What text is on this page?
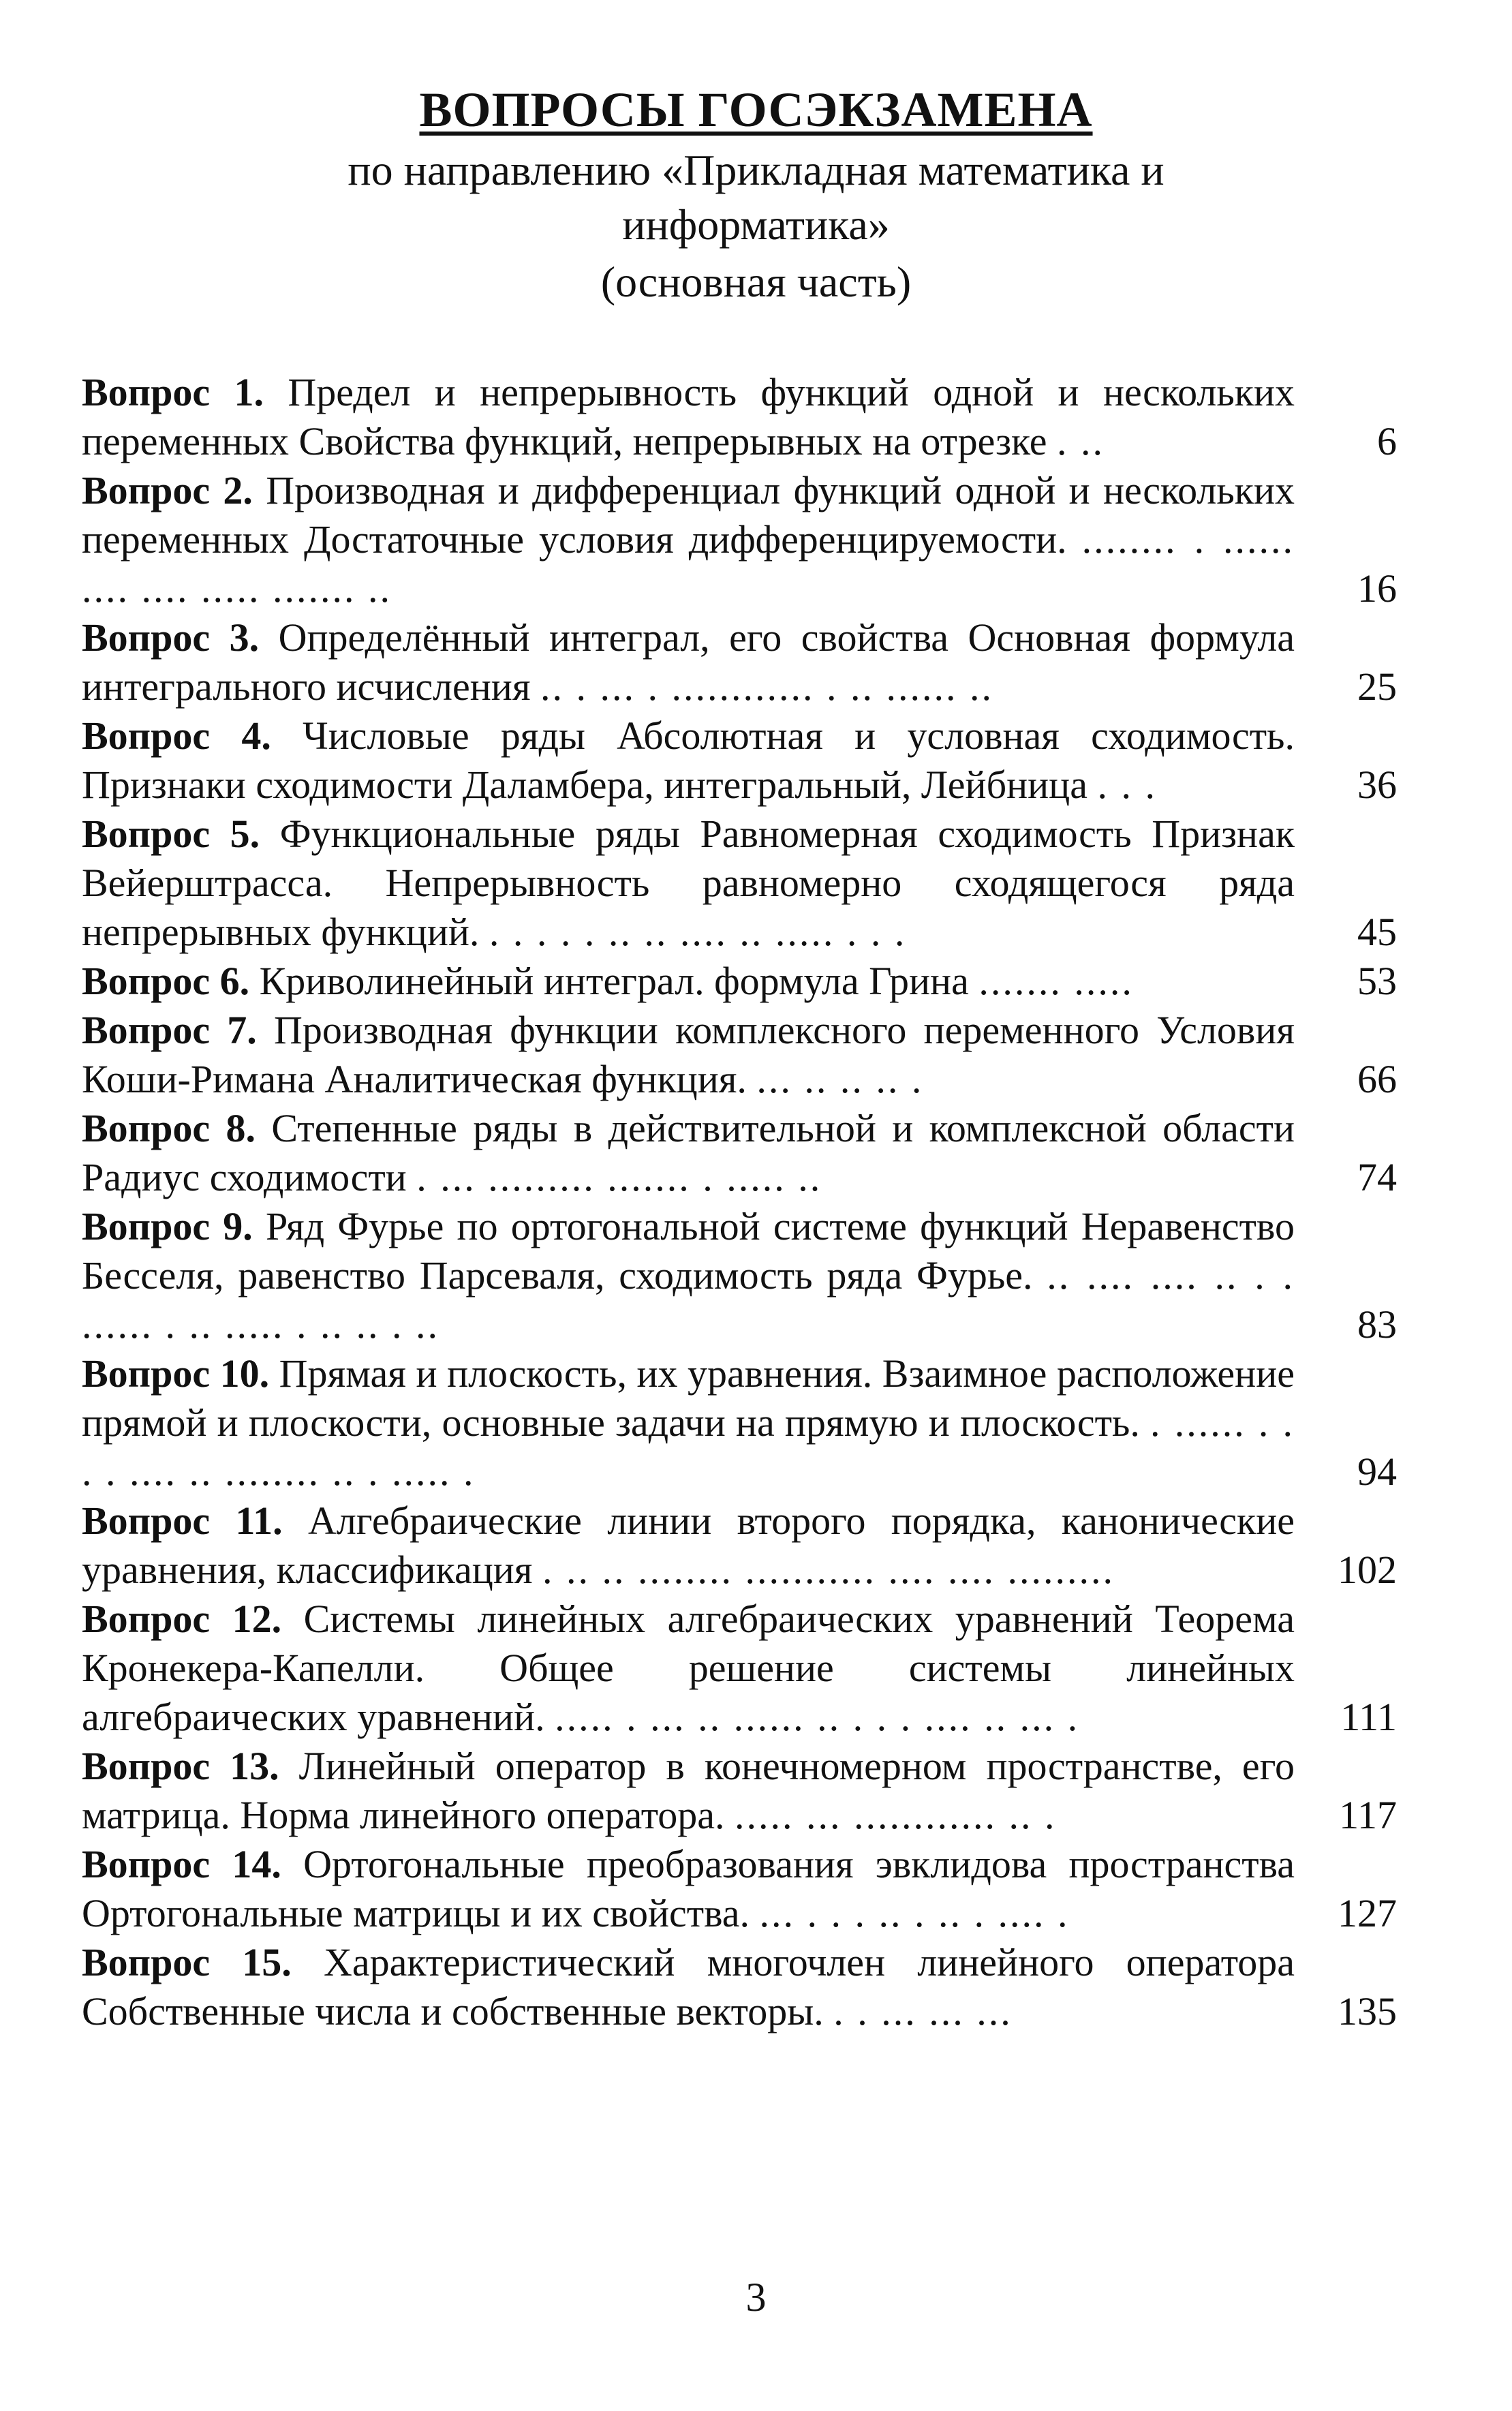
ВОПРОСЫ ГОСЭКЗАМЕНА
по направлению «Прикладная математика и информатика»
(основная часть)
Вопрос 1. Предел и непрерывность функций одной и нескольких переменных Свойства функций, непрерывных на отрезке . ..	6
Вопрос 2. Производная и дифференциал функций одной и нескольких переменных Достаточные условия дифференцируемости. ........ . ...... .... .... ..... ....... ..	16
Вопрос 3. Определённый интеграл, его свойства Основная формула интегрального исчисления .. . ... . ............ . .. ...... ..	25
Вопрос 4. Числовые ряды Абсолютная и условная сходимость. Признаки сходимости Даламбера, интегральный, Лейбница . . .	36
Вопрос 5. Функциональные ряды Равномерная сходимость Признак Вейерштрасса. Непрерывность равномерно сходящегося ряда непрерывных функций. . . . . . .. .. .... .. ..... . . .	45
Вопрос 6. Криволинейный интеграл. формула Грина ....... .....	53
Вопрос 7. Производная функции комплексного переменного Условия Коши-Римана Аналитическая функция. ... .. .. .. .	66
Вопрос 8. Степенные ряды в действительной и комплексной области Радиус сходимости . ... ......... ....... . ..... ..	74
Вопрос 9. Ряд Фурье по ортогональной системе функций Неравенство Бесселя, равенство Парсеваля, сходимость ряда Фурье. .. .... .... .. . . ...... . .. ..... . .. .. . ..	83
Вопрос 10. Прямая и плоскость, их уравнения. Взаимное расположение прямой и плоскости, основные задачи на прямую и плоскость. . ...... . . . . .... .. ........ .. . ..... .	94
Вопрос 11. Алгебраические линии второго порядка, канонические уравнения, классификация . .. .. ........ ........... .... .... .........	102
Вопрос 12. Системы линейных алгебраических уравнений Теорема Кронекера-Капелли. Общее решение системы линейных алгебраических уравнений. ..... . ... .. ...... .. . . . .... .. ... .	111
Вопрос 13. Линейный оператор в конечномерном пространстве, его матрица. Норма линейного оператора. ..... ... ............ .. .	117
Вопрос 14. Ортогональные преобразования эвклидова пространства Ортогональные матрицы и их свойства. ... . . . .. . .. . .... .	127
Вопрос 15. Характеристический многочлен линейного оператора Собственные числа и собственные векторы. . . ... ... ...	135
3
